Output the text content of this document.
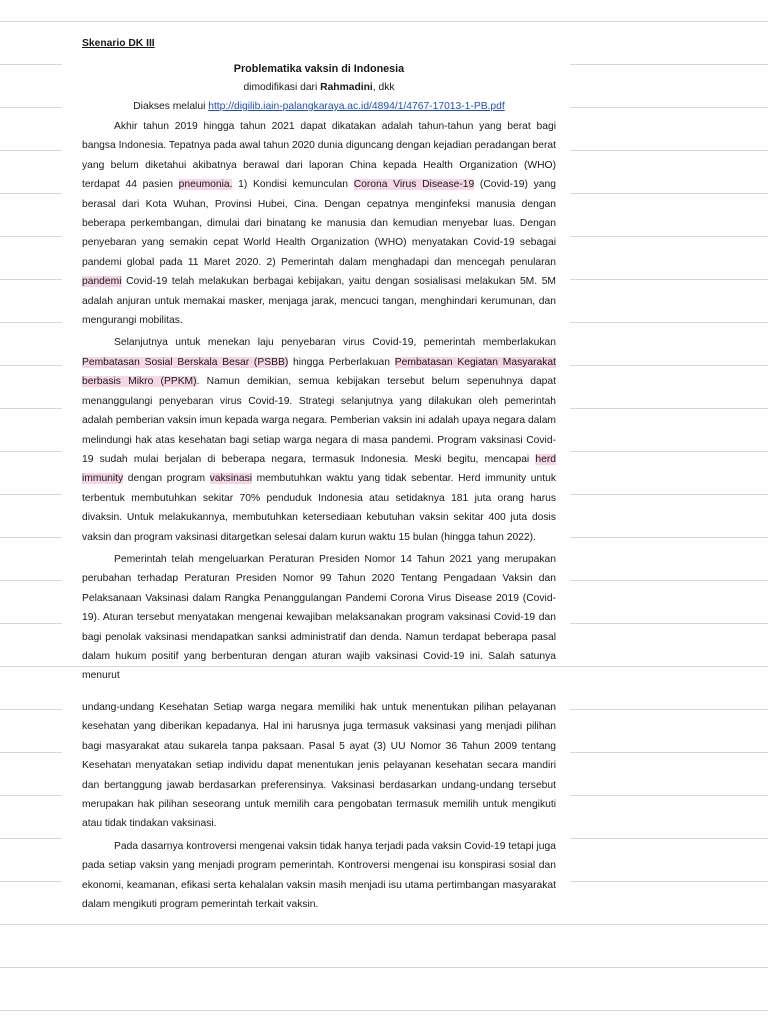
Skenario DK III
Problematika vaksin di Indonesia
dimodifikasi dari Rahmadini, dkk
Diakses melalui http://digilib.iain-palangkaraya.ac.id/4894/1/4767-17013-1-PB.pdf

Akhir tahun 2019 hingga tahun 2021 dapat dikatakan adalah tahun-tahun yang berat bagi bangsa Indonesia. Tepatnya pada awal tahun 2020 dunia diguncang dengan kejadian peradangan berat yang belum diketahui akibatnya berawal dari laporan China kepada Health Organization (WHO) terdapat 44 pasien pneumonia. 1) Kondisi kemunculan Corona Virus Disease-19 (Covid-19) yang berasal dari Kota Wuhan, Provinsi Hubei, Cina. Dengan cepatnya menginfeksi manusia dengan beberapa perkembangan, dimulai dari binatang ke manusia dan kemudian menyebar luas. Dengan penyebaran yang semakin cepat World Health Organization (WHO) menyatakan Covid-19 sebagai pandemi global pada 11 Maret 2020. 2) Pemerintah dalam menghadapi dan mencegah penularan pandemi Covid-19 telah melakukan berbagai kebijakan, yaitu dengan sosialisasi melakukan 5M. 5M adalah anjuran untuk memakai masker, menjaga jarak, mencuci tangan, menghindari kerumunan, dan mengurangi mobilitas.

Selanjutnya untuk menekan laju penyebaran virus Covid-19, pemerintah memberlakukan Pembatasan Sosial Berskala Besar (PSBB) hingga Perberlakuan Pembatasan Kegiatan Masyarakat berbasis Mikro (PPKM). Namun demikian, semua kebijakan tersebut belum sepenuhnya dapat menanggulangi penyebaran virus Covid-19. Strategi selanjutnya yang dilakukan oleh pemerintah adalah pemberian vaksin imun kepada warga negara. Pemberian vaksin ini adalah upaya negara dalam melindungi hak atas kesehatan bagi setiap warga negara di masa pandemi. Program vaksinasi Covid-19 sudah mulai berjalan di beberapa negara, termasuk Indonesia. Meski begitu, mencapai herd immunity dengan program vaksinasi membutuhkan waktu yang tidak sebentar. Herd immunity untuk terbentuk membutuhkan sekitar 70% penduduk Indonesia atau setidaknya 181 juta orang harus divaksin. Untuk melakukannya, membutuhkan ketersediaan kebutuhan vaksin sekitar 400 juta dosis vaksin dan program vaksinasi ditargetkan selesai dalam kurun waktu 15 bulan (hingga tahun 2022).

Pemerintah telah mengeluarkan Peraturan Presiden Nomor 14 Tahun 2021 yang merupakan perubahan terhadap Peraturan Presiden Nomor 99 Tahun 2020 Tentang Pengadaan Vaksin dan Pelaksanaan Vaksinasi dalam Rangka Penanggulangan Pandemi Corona Virus Disease 2019 (Covid-19). Aturan tersebut menyatakan mengenai kewajiban melaksanakan program vaksinasi Covid-19 dan bagi penolak vaksinasi mendapatkan sanksi administratif dan denda. Namun terdapat beberapa pasal dalam hukum positif yang berbenturan dengan aturan wajib vaksinasi Covid-19 ini. Salah satunya menurut

undang-undang Kesehatan Setiap warga negara memiliki hak untuk menentukan pilihan pelayanan kesehatan yang diberikan kepadanya. Hal ini harusnya juga termasuk vaksinasi yang menjadi pilihan bagi masyarakat atau sukarela tanpa paksaan. Pasal 5 ayat (3) UU Nomor 36 Tahun 2009 tentang Kesehatan menyatakan setiap individu dapat menentukan jenis pelayanan kesehatan secara mandiri dan bertanggung jawab berdasarkan preferensinya. Vaksinasi berdasarkan undang-undang tersebut merupakan hak pilihan seseorang untuk memilih cara pengobatan termasuk memilih untuk mengikuti atau tidak tindakan vaksinasi.

Pada dasarnya kontroversi mengenai vaksin tidak hanya terjadi pada vaksin Covid-19 tetapi juga pada setiap vaksin yang menjadi program pemerintah. Kontroversi mengenai isu konspirasi sosial dan ekonomi, keamanan, efikasi serta kehalalan vaksin masih menjadi isu utama pertimbangan masyarakat dalam mengikuti program pemerintah terkait vaksin.
